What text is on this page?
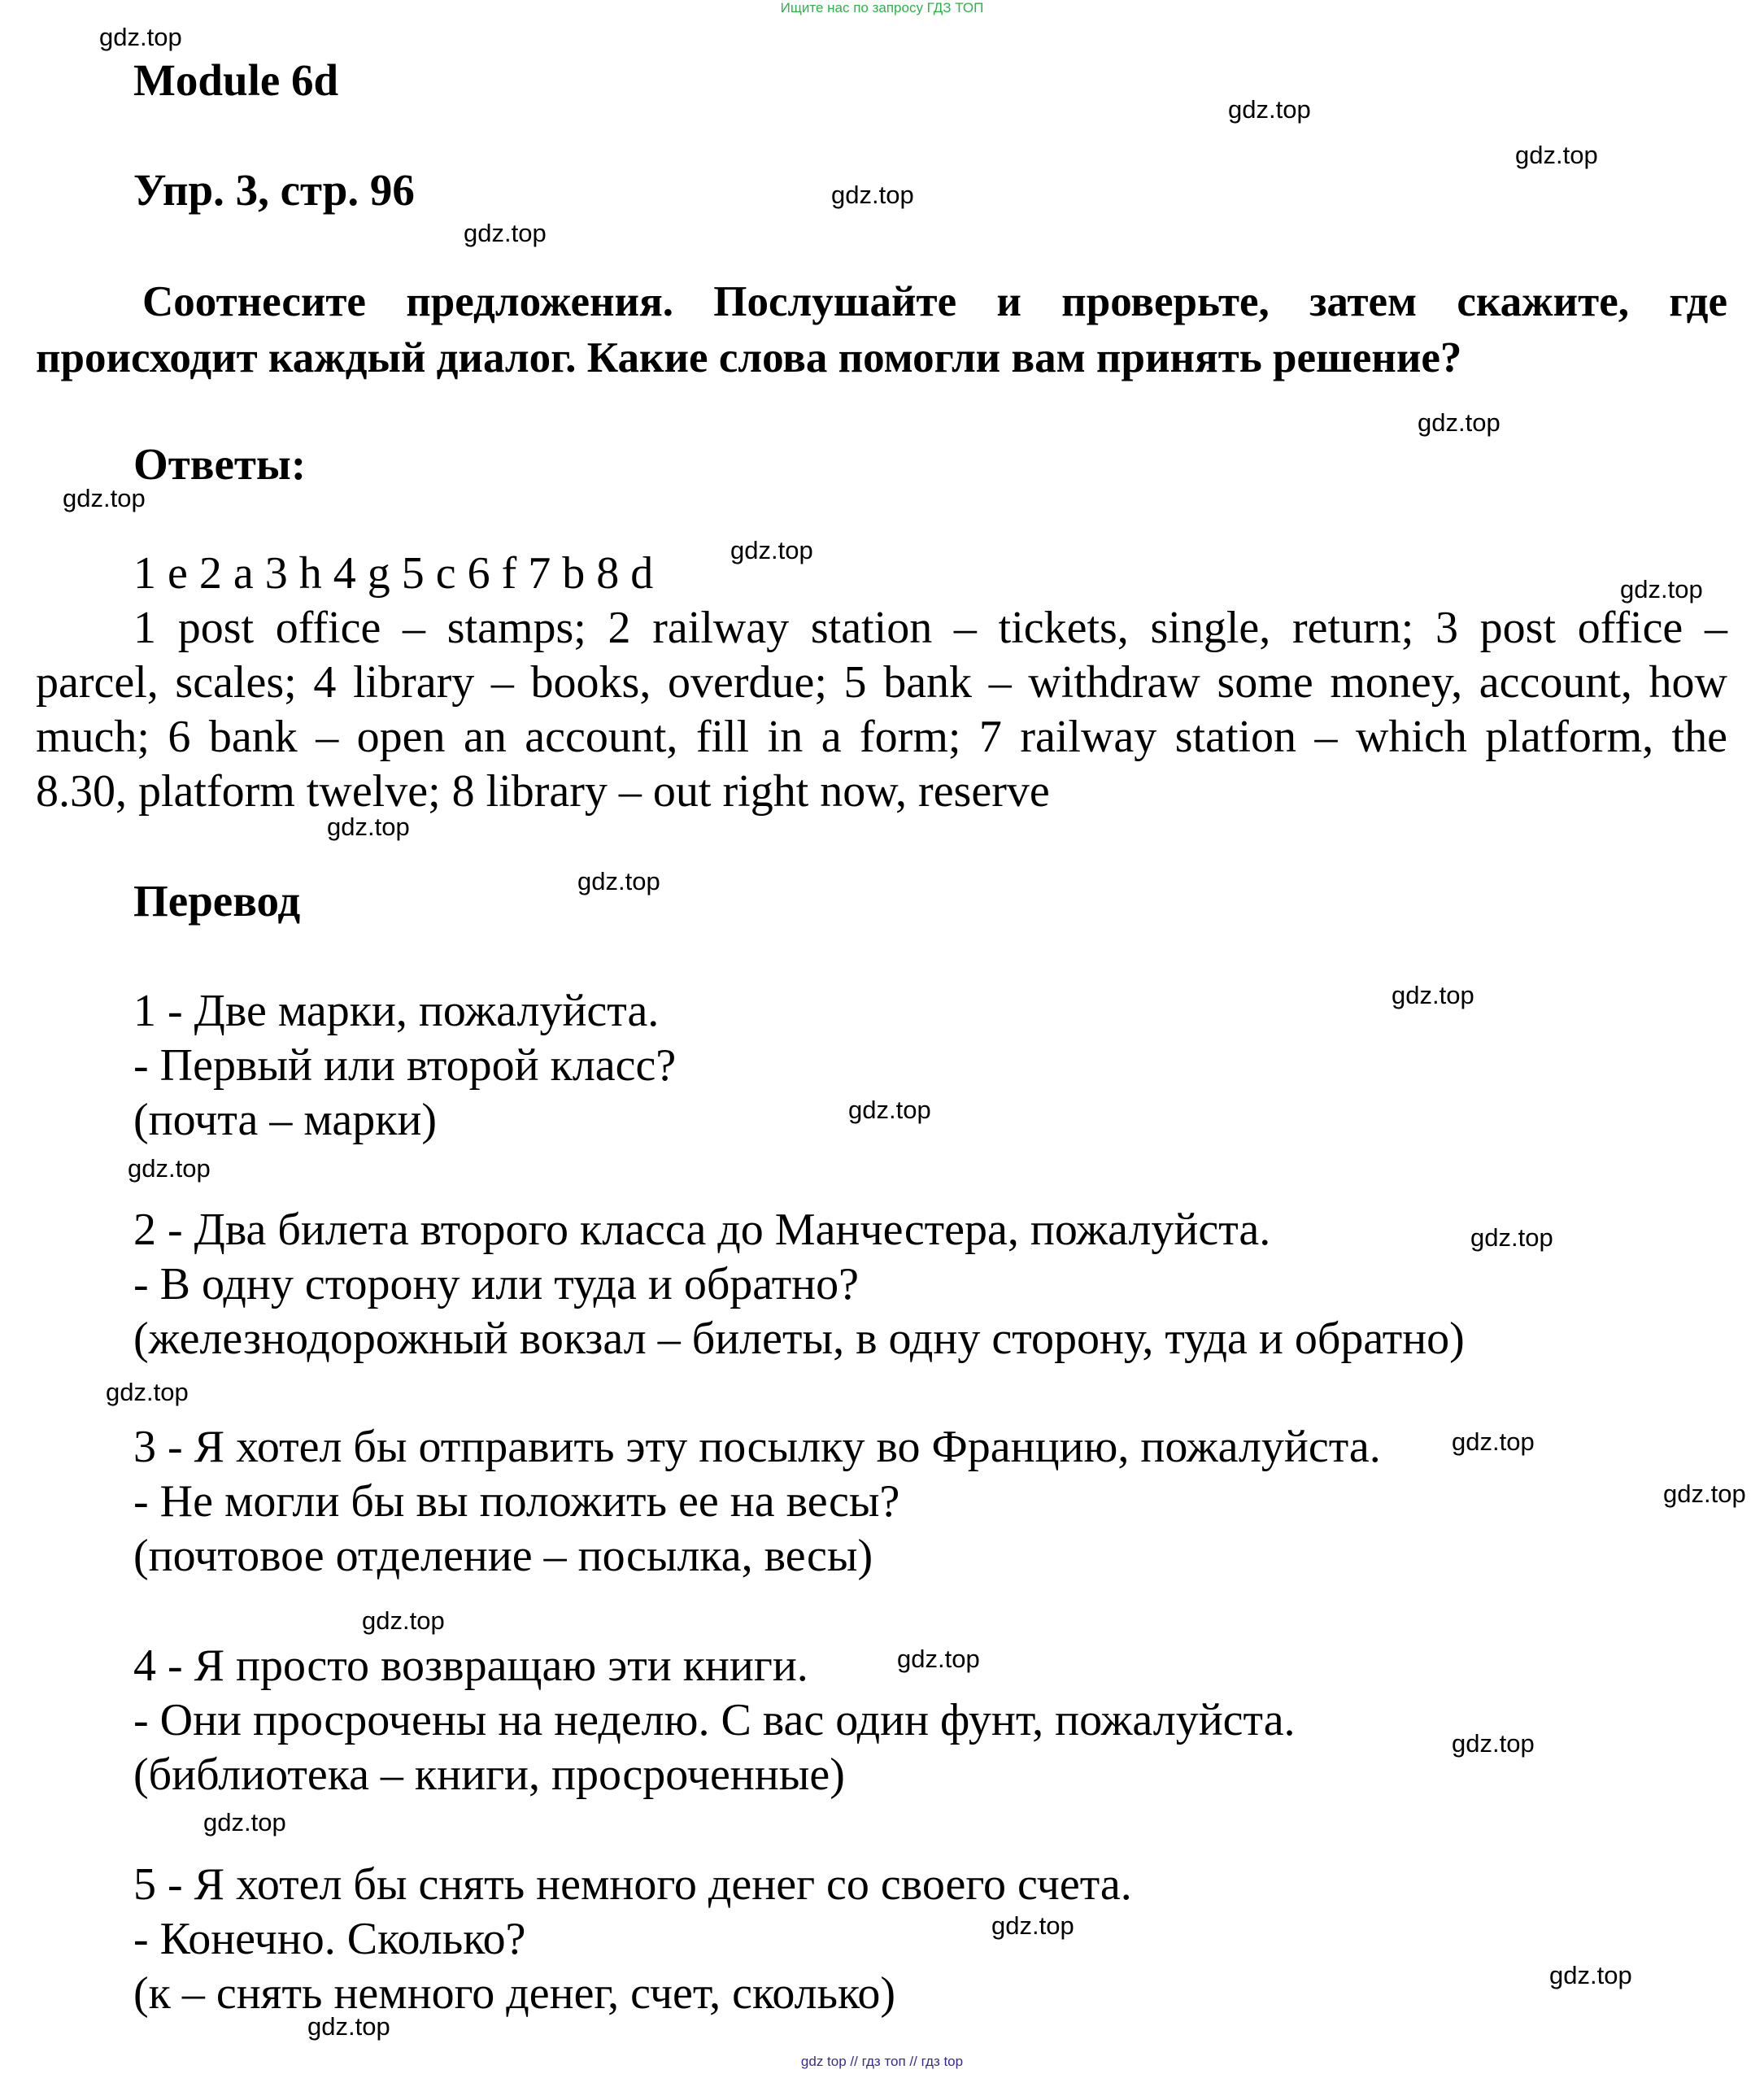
Ищите нас по запросу ГДЗ ТОП
Module 6d
Упр. 3, стр. 96
Соотнесите предложения. Послушайте и проверьте, затем скажите, где
происходит каждый диалог. Какие слова помогли вам принять решение?
Ответы:
1 e 2 a 3 h 4 g 5 c 6 f 7 b 8 d
1 post office – stamps; 2 railway station – tickets, single, return; 3 post office –
parcel, scales; 4 library – books, overdue; 5 bank – withdraw some money, account, how
much; 6 bank – open an account, fill in a form; 7 railway station – which platform, the
8.30, platform twelve; 8 library – out right now, reserve
Перевод
1 - Две марки, пожалуйста.
- Первый или второй класс?
(почта – марки)
2 - Два билета второго класса до Манчестера, пожалуйста.
- В одну сторону или туда и обратно?
(железнодорожный вокзал – билеты, в одну сторону, туда и обратно)
3 - Я хотел бы отправить эту посылку во Францию, пожалуйста.
- Не могли бы вы положить ее на весы?
(почтовое отделение – посылка, весы)
4 - Я просто возвращаю эти книги.
- Они просрочены на неделю. С вас один фунт, пожалуйста.
(библиотека – книги, просроченные)
5 - Я хотел бы снять немного денег со своего счета.
- Конечно. Сколько?
(к – снять немного денег, счет, сколько)
gdz.top
gdz.top
gdz.top
gdz.top
gdz.top
gdz.top
gdz.top
gdz.top
gdz.top
gdz.top
gdz.top
gdz.top
gdz.top
gdz.top
gdz.top
gdz.top
gdz.top
gdz.top
gdz.top
gdz.top
gdz.top
gdz.top
gdz.top
gdz.top
gdz.top
gdz top // гдз топ // гдз top
